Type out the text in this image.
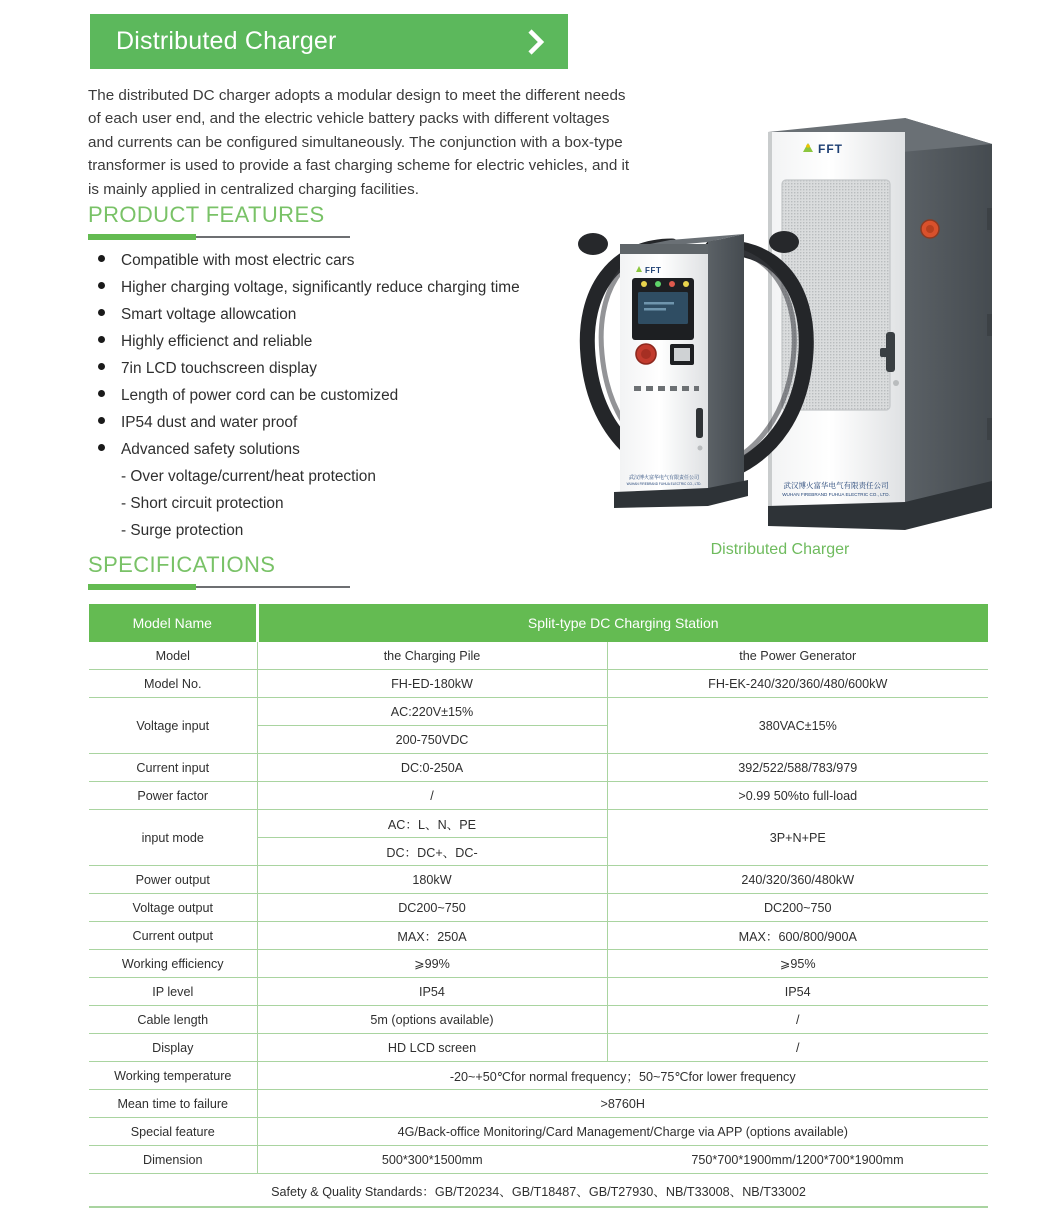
Distributed Charger
The distributed DC charger adopts a modular design to meet the different needs of each user end, and the electric vehicle battery packs with different voltages and currents can be configured simultaneously. The conjunction with a box-type transformer is used to provide a fast charging scheme for electric vehicles, and it is mainly applied in centralized charging facilities.
PRODUCT FEATURES
Compatible with most electric cars
Higher charging voltage, significantly reduce charging time
Smart voltage allowcation
Highly efficienct and reliable
7in LCD touchscreen display
Length of power cord can be customized
IP54 dust and water proof
Advanced safety solutions
- Over voltage/current/heat protection
- Short circuit protection
- Surge protection
FFT
武汉博火富华电气有限责任公司
WUHAN FIREBRAND FUHUA ELECTRIC CO., LTD.
FFT
武汉博火富华电气有限责任公司
WUHAN FIREBRAND FUHUA ELECTRIC CO., LTD.
Distributed Charger
SPECIFICATIONS
Model Name	Split-type DC Charging Station	
Model	the Charging Pile	the Power Generator
Model No.	FH-ED-180kW	FH-EK-240/320/360/480/600kW
Voltage input	AC:220V±15%	380VAC±15%
	200-750VDC	
Current input	DC:0-250A	392/522/588/783/979
Power factor	/	>0.99 50%to full-load
input mode	AC：L、N、PE	3P+N+PE
	DC：DC+、DC-	
Power output	180kW	240/320/360/480kW
Voltage output	DC200~750	DC200~750
Current output	MAX：250A	MAX：600/800/900A
Working efficiency	⩾99%	⩾95%
IP level	IP54	IP54
Cable length	5m (options available)	/
Display	HD LCD screen	/
Working temperature	-20~+50℃for normal frequency；50~75℃for lower frequency	
Mean time to failure	>8760H	
Special feature	4G/Back-office Monitoring/Card Management/Charge via APP (options available)	
Dimension	500*300*1500mm	750*700*1900mm/1200*700*1900mm
Safety & Quality Standards：GB/T20234、GB/T18487、GB/T27930、NB/T33008、NB/T33002		
